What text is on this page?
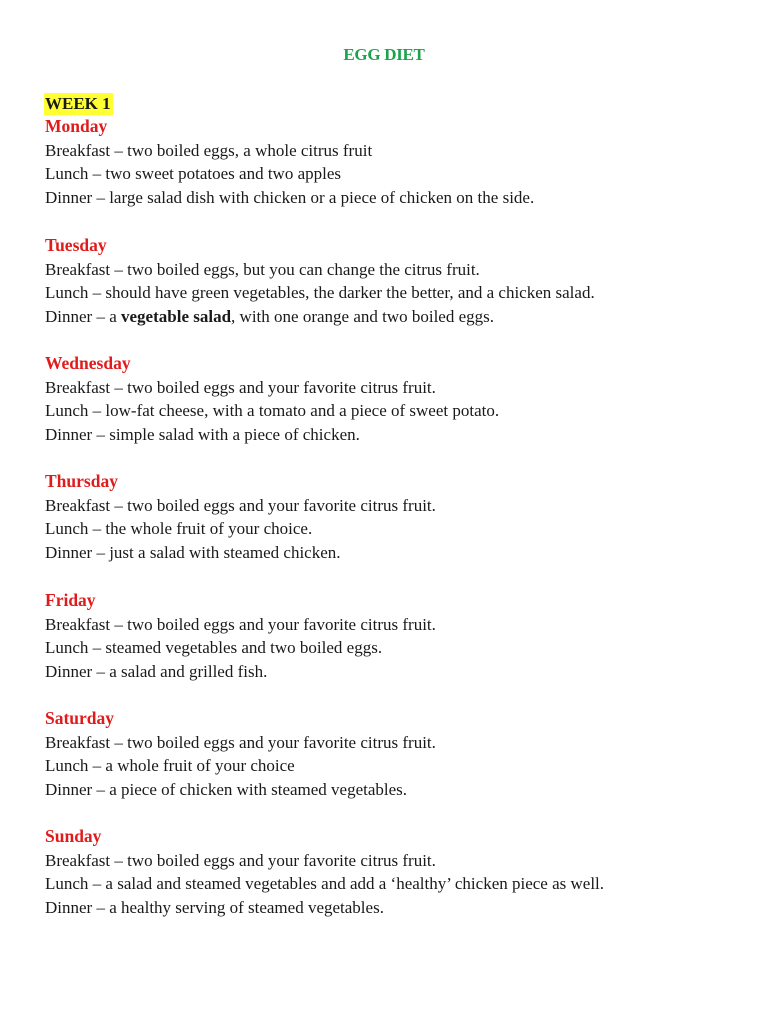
EGG DIET
WEEK 1
Monday
Breakfast – two boiled eggs, a whole citrus fruit
Lunch – two sweet potatoes and two apples
Dinner – large salad dish with chicken or a piece of chicken on the side.
Tuesday
Breakfast – two boiled eggs, but you can change the citrus fruit.
Lunch – should have green vegetables, the darker the better, and a chicken salad.
Dinner – a vegetable salad, with one orange and two boiled eggs.
Wednesday
Breakfast – two boiled eggs and your favorite citrus fruit.
Lunch – low-fat cheese, with a tomato and a piece of sweet potato.
Dinner – simple salad with a piece of chicken.
Thursday
Breakfast – two boiled eggs and your favorite citrus fruit.
Lunch – the whole fruit of your choice.
Dinner – just a salad with steamed chicken.
Friday
Breakfast – two boiled eggs and your favorite citrus fruit.
Lunch – steamed vegetables and two boiled eggs.
Dinner – a salad and grilled fish.
Saturday
Breakfast – two boiled eggs and your favorite citrus fruit.
Lunch – a whole fruit of your choice
Dinner – a piece of chicken with steamed vegetables.
Sunday
Breakfast – two boiled eggs and your favorite citrus fruit.
Lunch – a salad and steamed vegetables and add a ‘healthy’ chicken piece as well.
Dinner – a healthy serving of steamed vegetables.
